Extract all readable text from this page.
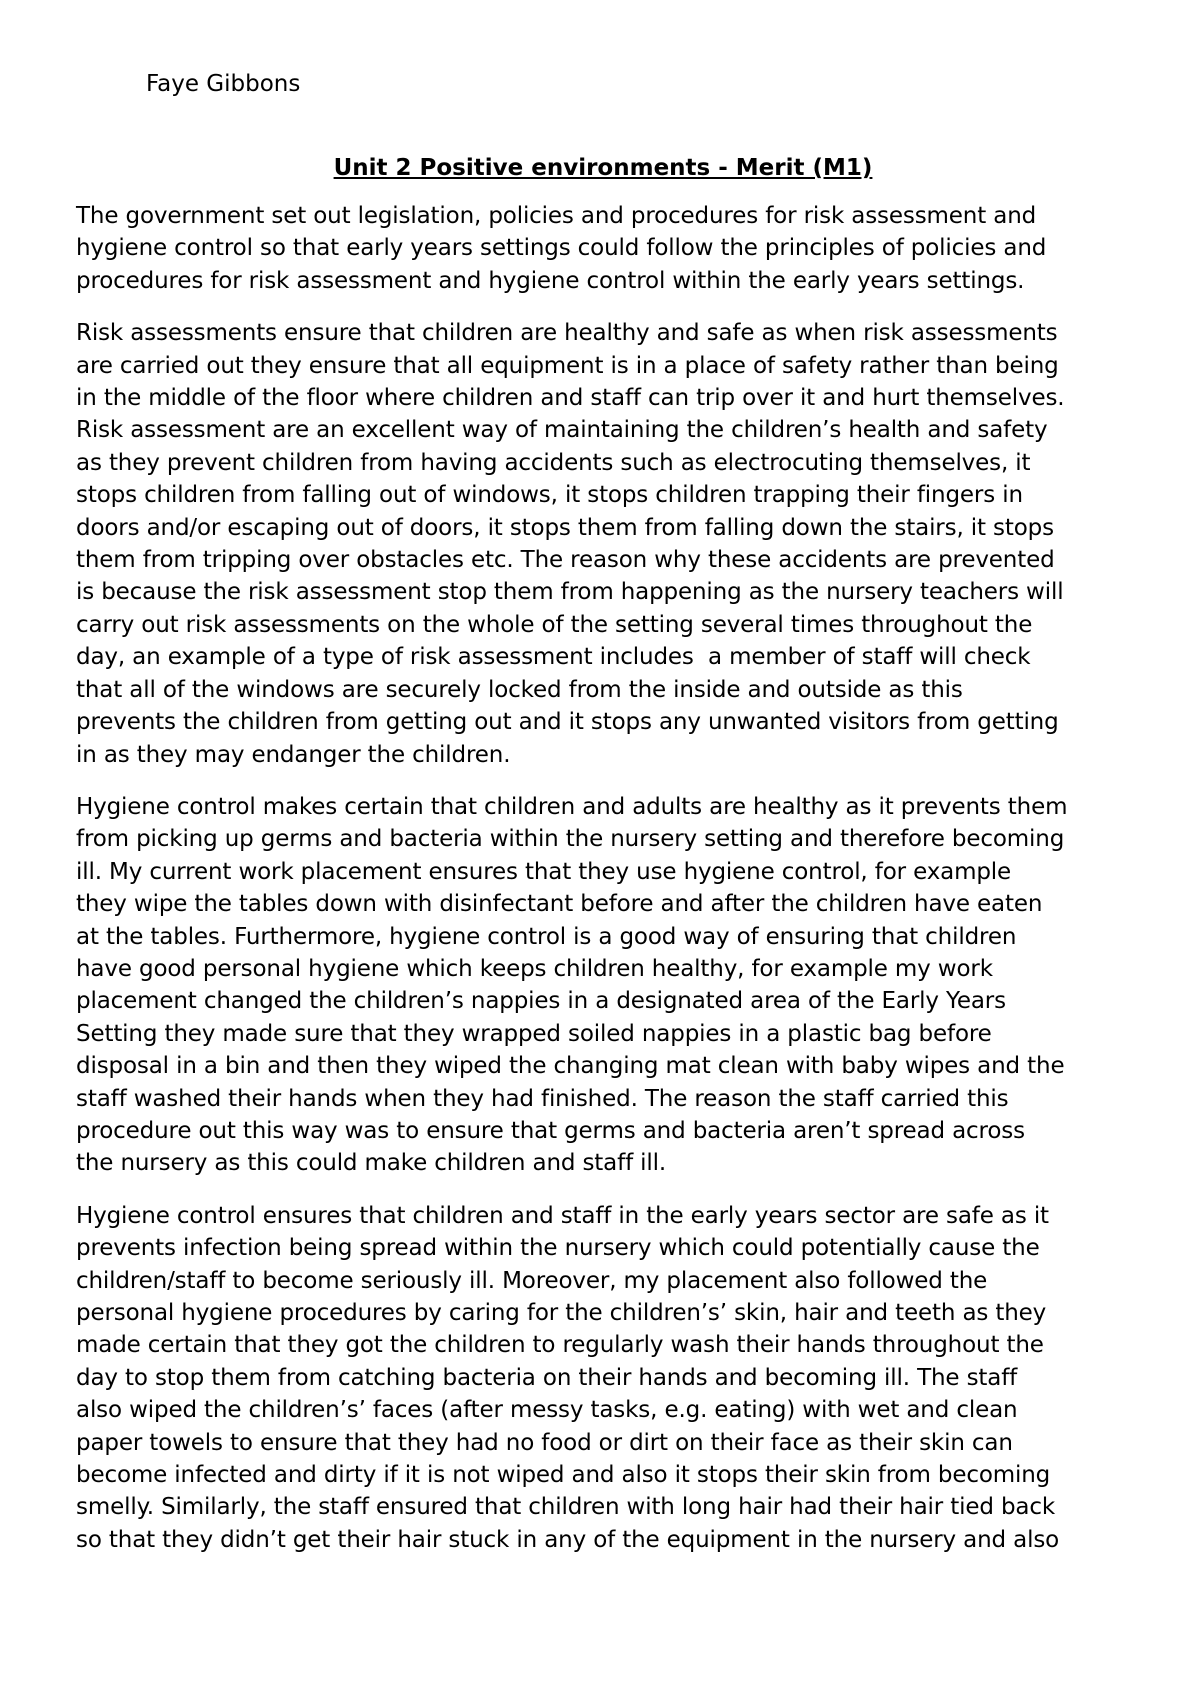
Faye Gibbons
Unit 2 Positive environments - Merit (M1)
The government set out legislation, policies and procedures for risk assessment and
hygiene control so that early years settings could follow the principles of policies and
procedures for risk assessment and hygiene control within the early years settings.
Risk assessments ensure that children are healthy and safe as when risk assessments
are carried out they ensure that all equipment is in a place of safety rather than being
in the middle of the floor where children and staff can trip over it and hurt themselves.
Risk assessment are an excellent way of maintaining the children’s health and safety
as they prevent children from having accidents such as electrocuting themselves, it
stops children from falling out of windows, it stops children trapping their fingers in
doors and/or escaping out of doors, it stops them from falling down the stairs, it stops
them from tripping over obstacles etc. The reason why these accidents are prevented
is because the risk assessment stop them from happening as the nursery teachers will
carry out risk assessments on the whole of the setting several times throughout the
day, an example of a type of risk assessment includes  a member of staff will check
that all of the windows are securely locked from the inside and outside as this
prevents the children from getting out and it stops any unwanted visitors from getting
in as they may endanger the children.
Hygiene control makes certain that children and adults are healthy as it prevents them
from picking up germs and bacteria within the nursery setting and therefore becoming
ill. My current work placement ensures that they use hygiene control, for example
they wipe the tables down with disinfectant before and after the children have eaten
at the tables. Furthermore, hygiene control is a good way of ensuring that children
have good personal hygiene which keeps children healthy, for example my work
placement changed the children’s nappies in a designated area of the Early Years
Setting they made sure that they wrapped soiled nappies in a plastic bag before
disposal in a bin and then they wiped the changing mat clean with baby wipes and the
staff washed their hands when they had finished. The reason the staff carried this
procedure out this way was to ensure that germs and bacteria aren’t spread across
the nursery as this could make children and staff ill.
Hygiene control ensures that children and staff in the early years sector are safe as it
prevents infection being spread within the nursery which could potentially cause the
children/staff to become seriously ill. Moreover, my placement also followed the
personal hygiene procedures by caring for the children’s’ skin, hair and teeth as they
made certain that they got the children to regularly wash their hands throughout the
day to stop them from catching bacteria on their hands and becoming ill. The staff
also wiped the children’s’ faces (after messy tasks, e.g. eating) with wet and clean
paper towels to ensure that they had no food or dirt on their face as their skin can
become infected and dirty if it is not wiped and also it stops their skin from becoming
smelly. Similarly, the staff ensured that children with long hair had their hair tied back
so that they didn’t get their hair stuck in any of the equipment in the nursery and also
